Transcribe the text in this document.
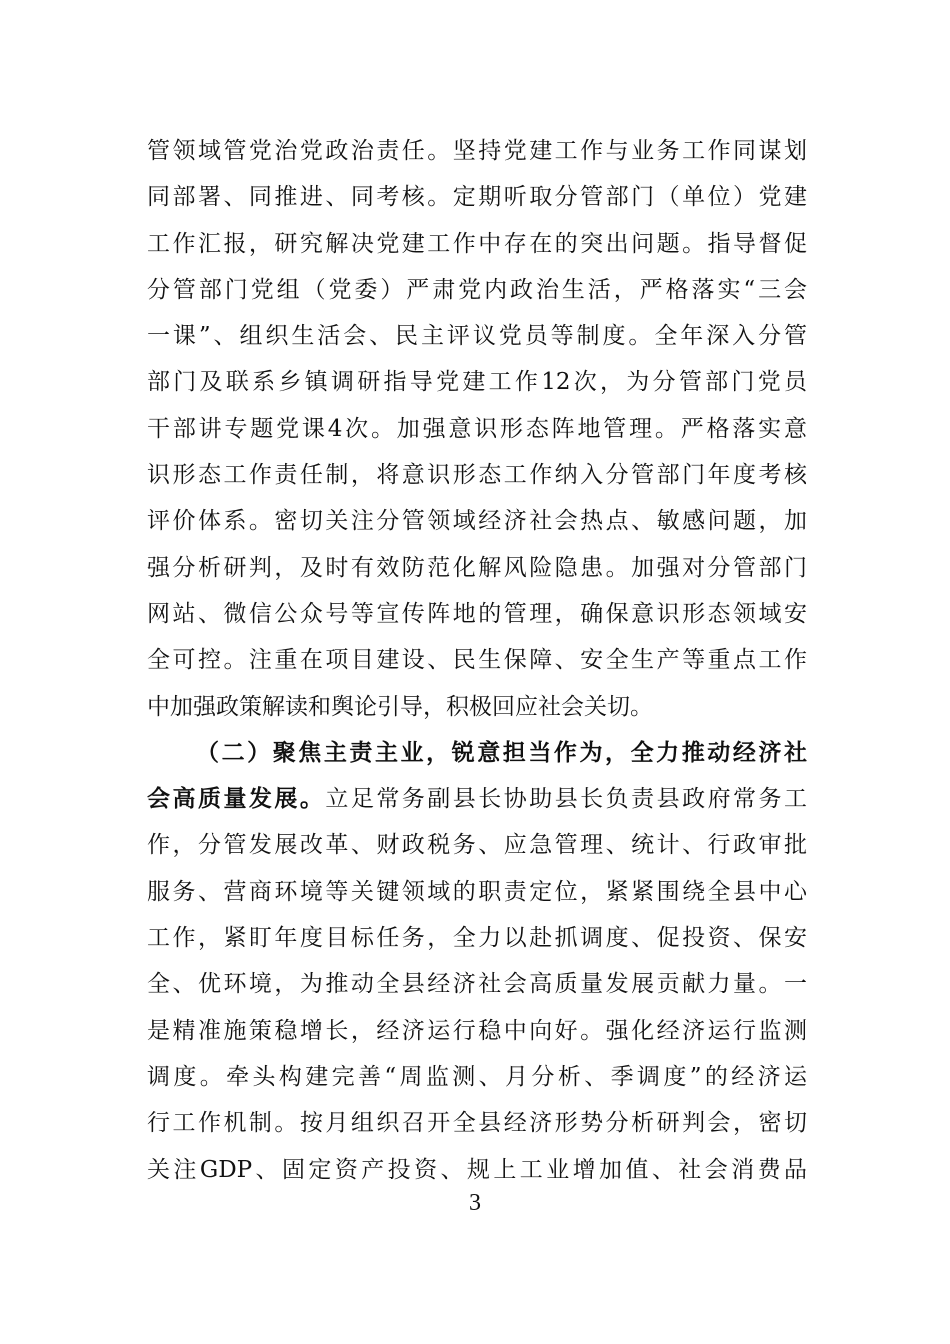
管领域管党治党政治责任。坚持党建工作与业务工作同谋划
同部署、同推进、同考核。定期听取分管部门（单位）党建
工作汇报，研究解决党建工作中存在的突出问题。指导督促
分管部门党组（党委）严肃党内政治生活，严格落实“三会
一课”、组织生活会、民主评议党员等制度。全年深入分管
部门及联系乡镇调研指导党建工作12次，为分管部门党员
干部讲专题党课4次。加强意识形态阵地管理。严格落实意
识形态工作责任制，将意识形态工作纳入分管部门年度考核
评价体系。密切关注分管领域经济社会热点、敏感问题，加
强分析研判，及时有效防范化解风险隐患。加强对分管部门
网站、微信公众号等宣传阵地的管理，确保意识形态领域安
全可控。注重在项目建设、民生保障、安全生产等重点工作
中加强政策解读和舆论引导，积极回应社会关切。
（二）聚焦主责主业，锐意担当作为，全力推动经济社
会高质量发展。立足常务副县长协助县长负责县政府常务工
作，分管发展改革、财政税务、应急管理、统计、行政审批
服务、营商环境等关键领域的职责定位，紧紧围绕全县中心
工作，紧盯年度目标任务，全力以赴抓调度、促投资、保安
全、优环境，为推动全县经济社会高质量发展贡献力量。一
是精准施策稳增长，经济运行稳中向好。强化经济运行监测
调度。牵头构建完善“周监测、月分析、季调度”的经济运
行工作机制。按月组织召开全县经济形势分析研判会，密切
关注GDP、固定资产投资、规上工业增加值、社会消费品
3
